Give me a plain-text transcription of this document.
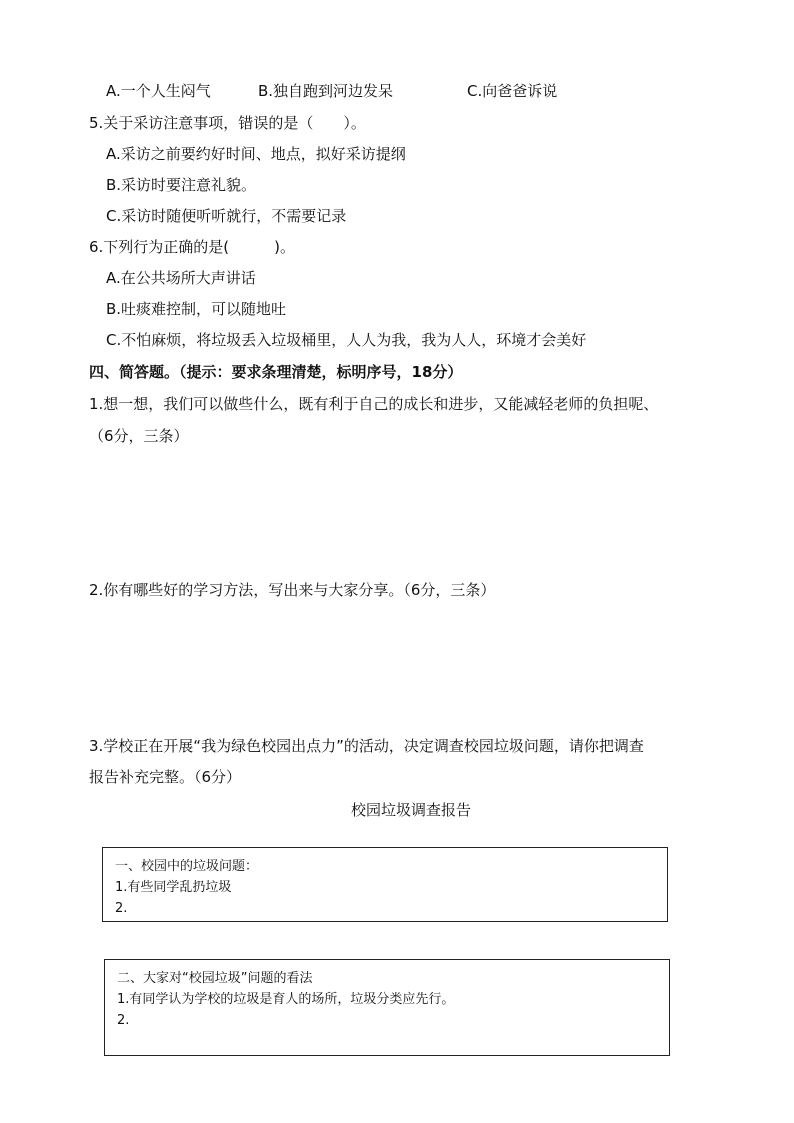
A.一个人生闷气	B.独自跑到河边发呆	C.向爸爸诉说
5.关于采访注意事项，错误的是（　　）。
A.采访之前要约好时间、地点，拟好采访提纲
B.采访时要注意礼貌。
C.采访时随便听听就行，不需要记录
6.下列行为正确的是(　　　)。
A.在公共场所大声讲话
B.吐痰难控制，可以随地吐
C.不怕麻烦，将垃圾丢入垃圾桶里，人人为我，我为人人，环境才会美好
四、简答题。（提示：要求条理清楚，标明序号，18分）
1.想一想，我们可以做些什么，既有利于自己的成长和进步，又能减轻老师的负担呢、
（6分，三条）
2.你有哪些好的学习方法，写出来与大家分享。（6分，三条）
3.学校正在开展“我为绿色校园出点力”的活动，决定调查校园垃圾问题，请你把调查
报告补充完整。（6分）
校园垃圾调查报告
一、校园中的垃圾问题：
1.有些同学乱扔垃圾
2.
二、大家对“校园垃圾”问题的看法
1.有同学认为学校的垃圾是育人的场所，垃圾分类应先行。
2.
